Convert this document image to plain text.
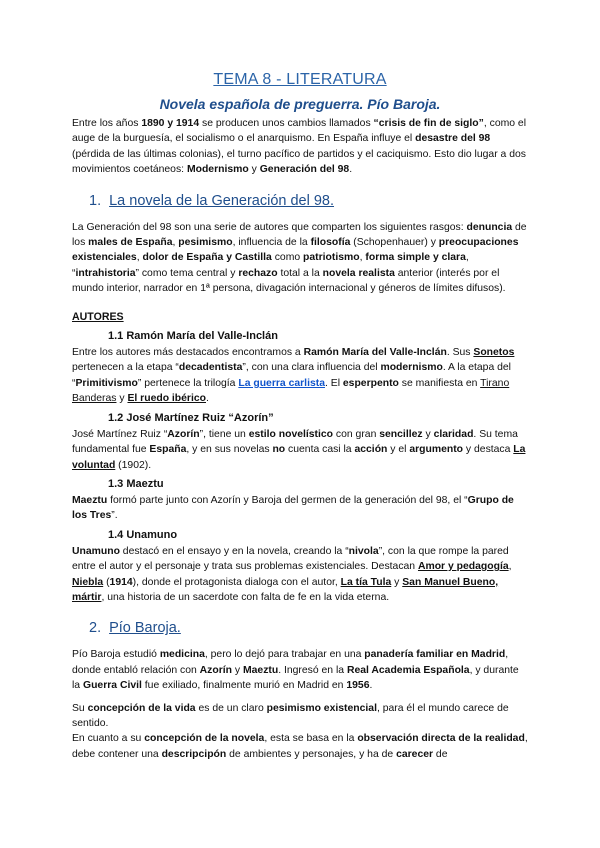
TEMA 8 - LITERATURA
Novela española de preguerra. Pío Baroja.

Entre los años 1890 y 1914 se producen unos cambios llamados “crisis de fin de siglo”, como el auge de la burguesía, el socialismo o el anarquismo. En España influye el desastre del 98 (pérdida de las últimas colonias), el turno pacífico de partidos y el caciquismo. Esto dio lugar a dos movimientos coetáneos: Modernismo y Generación del 98.

1. La novela de la Generación del 98.

La Generación del 98 son una serie de autores que comparten los siguientes rasgos: denuncia de los males de España, pesimismo, influencia de la filosofía (Schopenhauer) y preocupaciones existenciales, dolor de España y Castilla como patriotismo, forma simple y clara, “intrahistoria” como tema central y rechazo total a la novela realista anterior (interés por el mundo interior, narrador en 1ª persona, divagación internacional y géneros de límites difusos).

AUTORES
1.1 Ramón María del Valle-Inclán

Entre los autores más destacados encontramos a Ramón María del Valle-Inclán. Sus Sonetos pertenecen a la etapa “decadentista”, con una clara influencia del modernismo. A la etapa del “Primitivismo” pertenece la trilogía La guerra carlista. El esperpento se manifiesta en Tirano Banderas y El ruedo ibérico.

1.2 José Martínez Ruiz “Azorín”

José Martínez Ruiz “Azorín”, tiene un estilo novelístico con gran sencillez y claridad. Su tema fundamental fue España, y en sus novelas no cuenta casi la acción y el argumento y destaca La voluntad (1902).

1.3 Maeztu

Maeztu formó parte junto con Azorín y Baroja del germen de la generación del 98, el “Grupo de los Tres”.

1.4 Unamuno

Unamuno destacó en el ensayo y en la novela, creando la “nivola”, con la que rompe la pared entre el autor y el personaje y trata sus problemas existenciales. Destacan Amor y pedagogía, Niebla (1914), donde el protagonista dialoga con el autor, La tía Tula y San Manuel Bueno, mártir, una historia de un sacerdote con falta de fe en la vida eterna.

2. Pío Baroja.

Pío Baroja estudió medicina, pero lo dejó para trabajar en una panadería familiar en Madrid, donde entabló relación con Azorín y Maeztu. Ingresó en la Real Academia Española, y durante la Guerra Civil fue exiliado, finalmente murió en Madrid en 1956.

Su concepción de la vida es de un claro pesimismo existencial, para él el mundo carece de sentido.

En cuanto a su concepción de la novela, esta se basa en la observación directa de la realidad, debe contener una descripcipón de ambientes y personajes, y ha de carecer de
